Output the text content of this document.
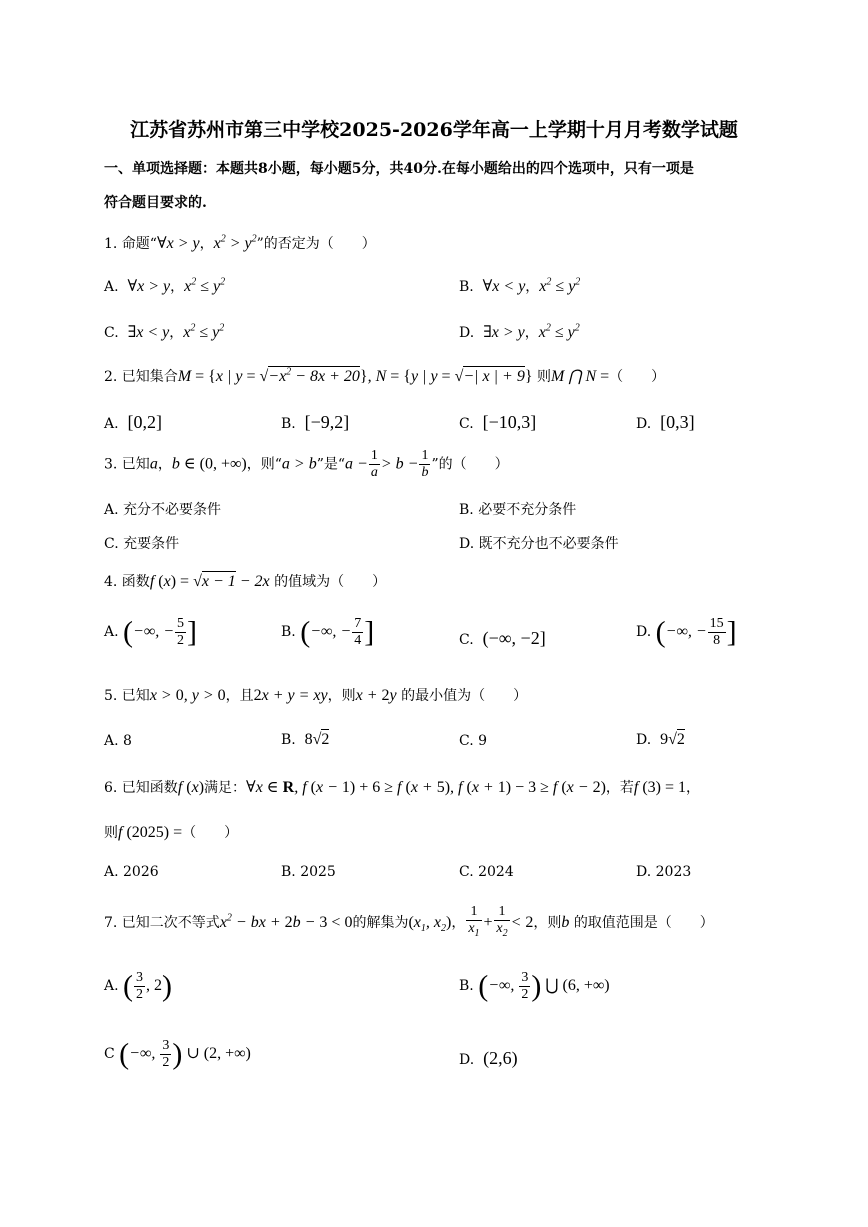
江苏省苏州市第三中学校2025-2026学年高一上学期十月月考数学试题
一、单项选择题：本题共8小题，每小题5分，共40分.在每小题给出的四个选项中，只有一项是
符合题目要求的.
1. 命题“∀x > y，$x^2 > y^2$”的否定为（　　）
A.  ∀x > y，$x^2 \le y^2$	B.  ∀x < y，$x^2 \le y^2$
C.  ∃x < y，$x^2 \le y^2$	D.  ∃x > y，$x^2 \le y^2$
2. 已知集合M = {x | $y = √-x^2 - 8x + 20$}, N = {y | y = √−| x | + 9} 则M ⋂ N =（　　）
A.  [0,2]	B.  [−9,2]	C.  [−10,3]	D.  [0,3]
3. 已知a，b ∈ (0, +∞)，则“a > b”是“$a - \frac{1}{a} > b - \frac{1}{b}$ ”的（　　）
A. 充分不必要条件	B. 必要不充分条件
C. 充要条件	D. 既不充分也不必要条件
4. 函数f (x) = √x − 1 − 2x 的值域为（　　）
A. (−∞, − $\frac{5}{2}$ ]	B. (−∞, − $\frac{7}{4}$ ]	C.  (−∞, −2]	D. (−∞, − $\frac{15}{8}$ ]
5. 已知x > 0, y > 0，且2x + y = xy，则x + 2y 的最小值为（　　）
A. 8	B.  8√2	C. 9	D.  9√2
6. 已知函数f (x)满足：∀x ∈ R, f (x − 1) + 6 ≥ f (x + 5), f (x + 1) − 3 ≥ f (x − 2)，若f (3) = 1，
则f (2025) =（　　）
A. 2026	B. 2025	C. 2024	D. 2023
7. 已知二次不等式$x^2$ − bx + 2b − 3 < 0的解集为($x_1$, $x_2$)， $\frac{1}{x_1} + \frac{1}{x_2} < 2$，则b 的取值范围是（　　）
A. ( $\frac{3}{2}$ , 2)	B. (−∞, $\frac{3}{2}$ ) ⋃ (6, +∞)
C (−∞, $\frac{3}{2}$ ) ∪ (2, +∞)	D.  (2,6)
